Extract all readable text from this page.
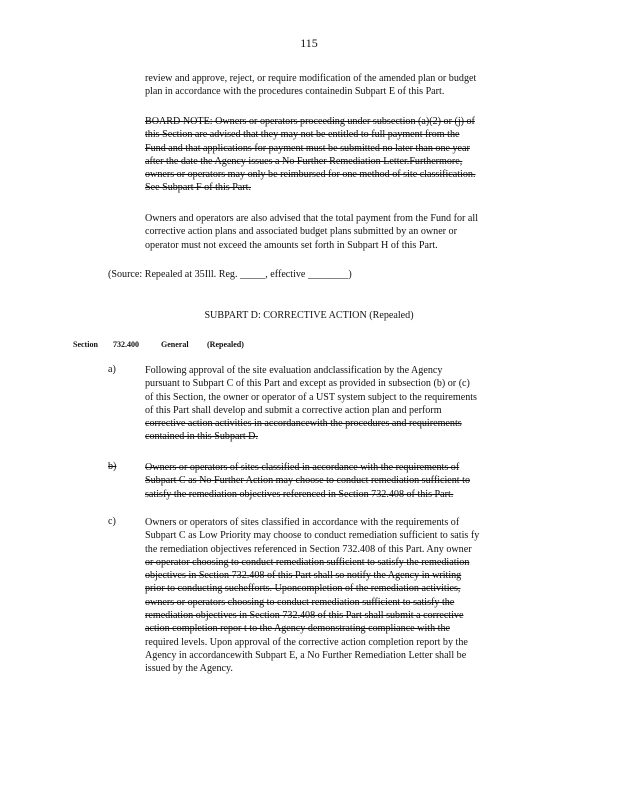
115
review and approve, reject, or require modification of the amended plan or budget
plan in accordance with the procedures containedin Subpart E of this Part.
BOARD NOTE: Owners or operators proceeding under subsection (a)(2) or (j) of
this Section are advised that they may not be entitled to full payment from the
Fund and that applications for payment must be submitted no later than one year
after the date the Agency issues a No Further Remediation Letter.Furthermore,
owners or operators may only be reimbursed for one method of site classification.
See Subpart F of this Part.
Owners and operators are also advised that the total payment from the Fund for all
corrective action plans and associated budget plans submitted by an owner or
operator must not exceed the amounts set forth in Subpart H of this Part.
(Source: Repealed at 35Ill. Reg. _____, effective ________)
SUBPART D: CORRECTIVE ACTION (Repealed)
Section 732.400	General (Repealed)
a)	Following approval of the site evaluation andclassification by the Agency
pursuant to Subpart C of this Part and except as provided in subsection (b) or (c)
of this Section, the owner or operator of a UST system subject to the requirements
of this Part shall develop and submit a corrective action plan and perform
corrective action activities in accordancewith the procedures and requirements
contained in this Subpart D.
b)	Owners or operators of sites classified in accordance with the requirements of
Subpart C as No Further Action may choose to conduct remediation sufficient to
satisfy the remediation objectives referenced in Section 732.408 of this Part.
c)	Owners or operators of sites classified in accordance with the requirements of
Subpart C as Low Priority may choose to conduct remediation sufficient to satis fy
the remediation objectives referenced in Section 732.408 of this Part. Any owner
or operator choosing to conduct remediation sufficient to satisfy the remediation
objectives in Section 732.408 of this Part shall so notify the Agency in writing
prior to conducting suchefforts. Uponcompletion of the remediation activities,
owners or operators choosing to conduct remediation sufficient to satisfy the
remediation objectives in Section 732.408 of this Part shall submit a corrective
action completion repor t to the Agency demonstrating compliance with the
required levels. Upon approval of the corrective action completion report by the
Agency in accordancewith Subpart E, a No Further Remediation Letter shall be
issued by the Agency.
